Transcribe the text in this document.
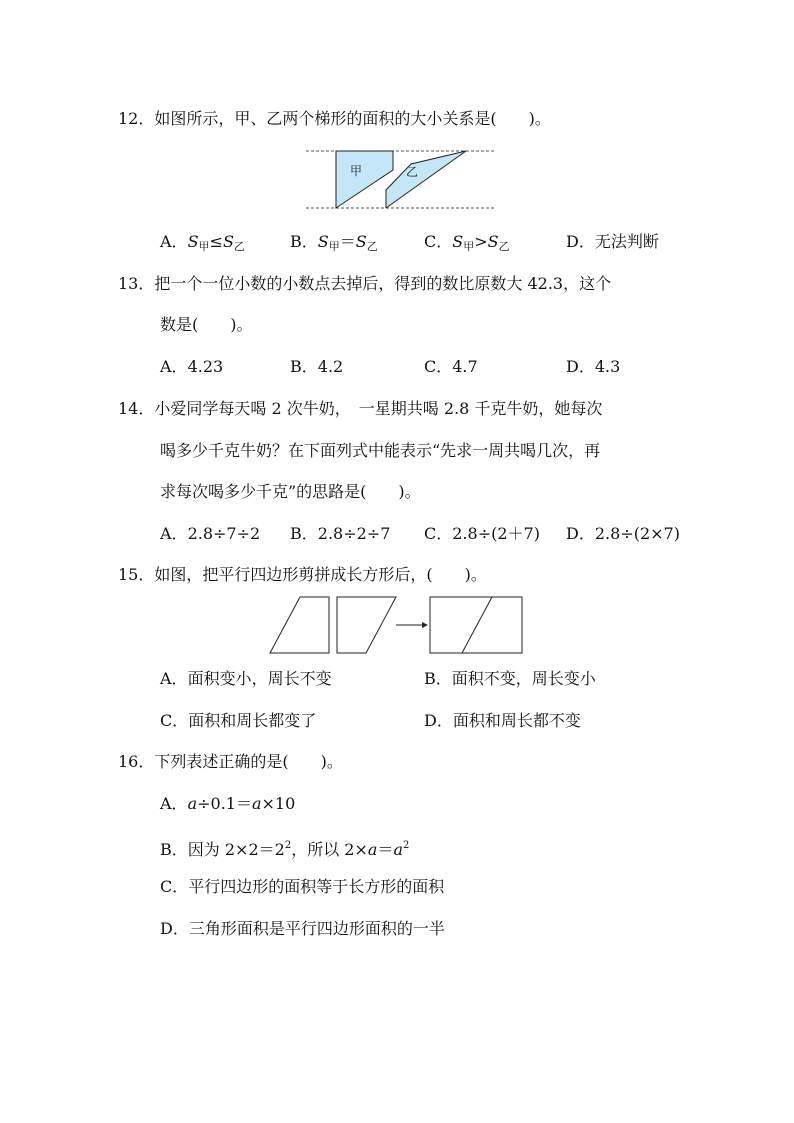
12．如图所示，甲、乙两个梯形的面积的大小关系是(　　)。
甲	乙
A．$S_甲\le S_乙$	B．$S_甲=S_乙$	C．$S_甲>S_乙$	D．无法判断
13．把一个一位小数的小数点去掉后，得到的数比原数大 42.3，这个
数是(　　)。
A．4.23	B．4.2	C．4.7	D．4.3
14．小爱同学每天喝 2 次牛奶，　一星期共喝 2.8 千克牛奶，她每次
喝多少千克牛奶？在下面列式中能表示“先求一周共喝几次，再
求每次喝多少千克”的思路是(　　)。
A．2.8÷7÷2 B．2.8÷2÷7 C．2.8÷(2＋7) D．2.8÷(2×7)
15．如图，把平行四边形剪拼成长方形后，(　　)。
A．面积变小，周长不变	B．面积不变，周长变小
C．面积和周长都变了	D．面积和周长都不变
16．下列表述正确的是(　　)。
A．a÷0.1＝a×10
B．因为 $2\times 2=2^2$，所以 $2\times a=a^2$
C．平行四边形的面积等于长方形的面积
D．三角形面积是平行四边形面积的一半
